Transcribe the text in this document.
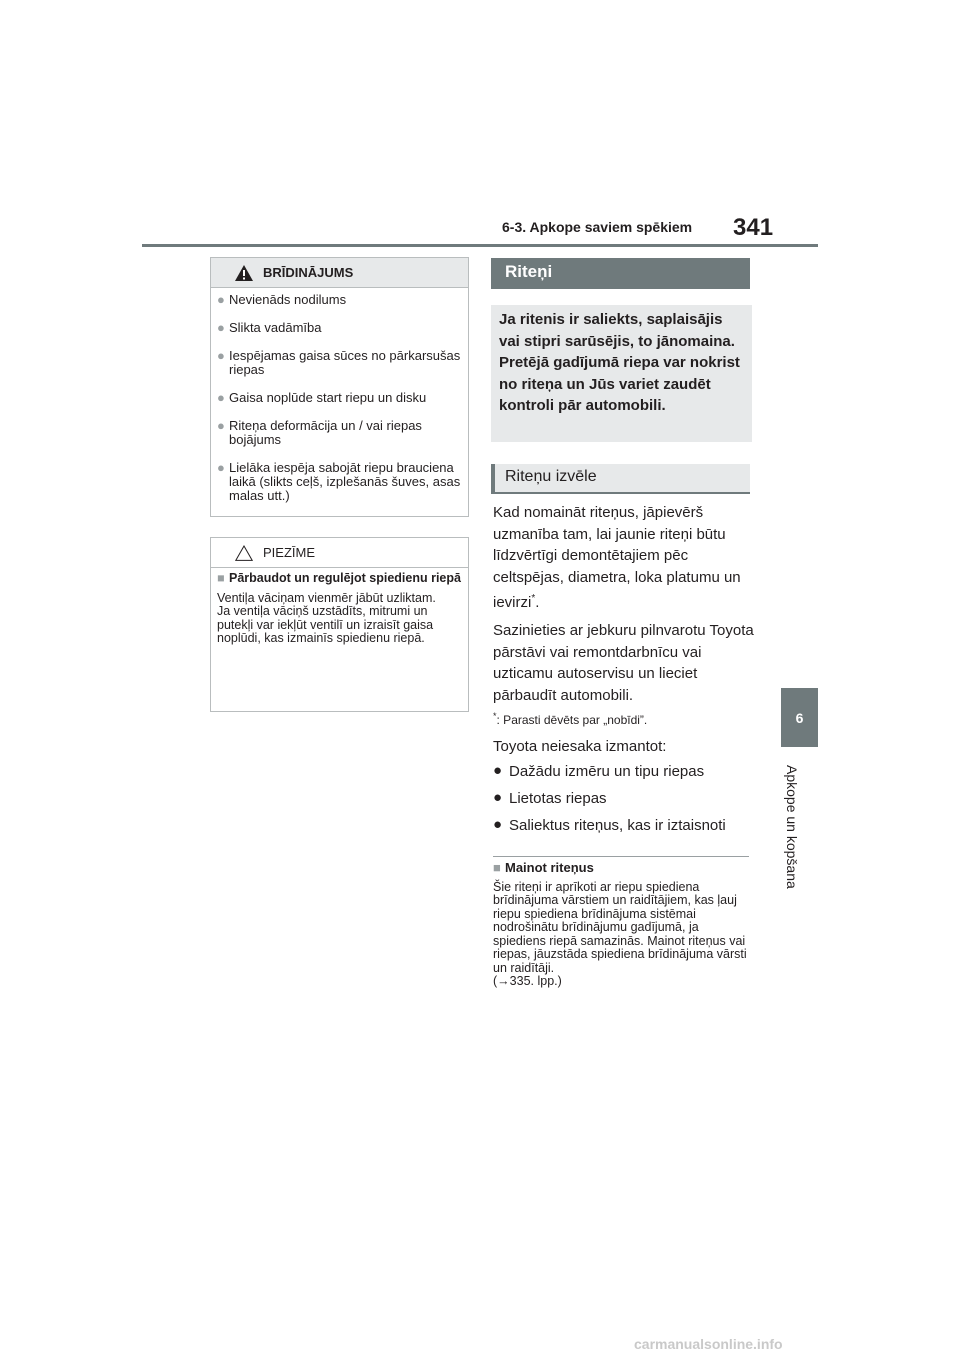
6-3. Apkope saviem spēkiem 341
6
Apkope un kopšana
BRĪDINĀJUMS
● Nevienāds nodilums
● Slikta vadāmība
● Iespējamas gaisa sūces no pārkarsušas riepas
● Gaisa noplūde start riepu un disku
● Riteņa deformācija un / vai riepas bojājums
● Lielāka iespēja sabojāt riepu brauciena laikā (slikts ceļš, izplešanās šuves, asas malas utt.)
PIEZĪME
■ Pārbaudot un regulējot spiedienu riepā
Ventiļa vāciņam vienmēr jābūt uzliktam.
Ja ventiļa vāciņš uzstādīts, mitrumi un putekļi var iekļūt ventilī un izraisīt gaisa noplūdi, kas izmainīs spiedienu riepā.
Riteņi
Ja ritenis ir saliekts, saplaisājis vai stipri sarūsējis, to jānomaina. Pretējā gadījumā riepa var nokrist no riteņa un Jūs variet zaudēt kontroli pār automobili.
Riteņu izvēle
Kad nomaināt riteņus, jāpievērš uzmanība tam, lai jaunie riteņi būtu līdzvērtīgi demontētajiem pēc celtspējas, diametra, loka platumu un ievirzi*.
Sazinieties ar jebkuru pilnvarotu Toyota pārstāvi vai remontdarbnīcu vai uzticamu autoservisu un lieciet pārbaudīt automobili.
*: Parasti dēvēts par „nobīdi”.
Toyota neiesaka izmantot:
● Dažādu izmēru un tipu riepas
● Lietotas riepas
● Saliektus riteņus, kas ir iztaisnoti
■ Mainot riteņus
Šie riteņi ir aprīkoti ar riepu spiediena brīdinājuma vārstiem un raidītājiem, kas ļauj riepu spiediena brīdinājuma sistēmai nodrošinātu brīdinājumu gadījumā, ja spiediens riepā samazinās. Mainot riteņus vai riepas, jāuzstāda spiediena brīdinājuma vārsti un raidītāji.
(→335. lpp.)
carmanualsonline.info
